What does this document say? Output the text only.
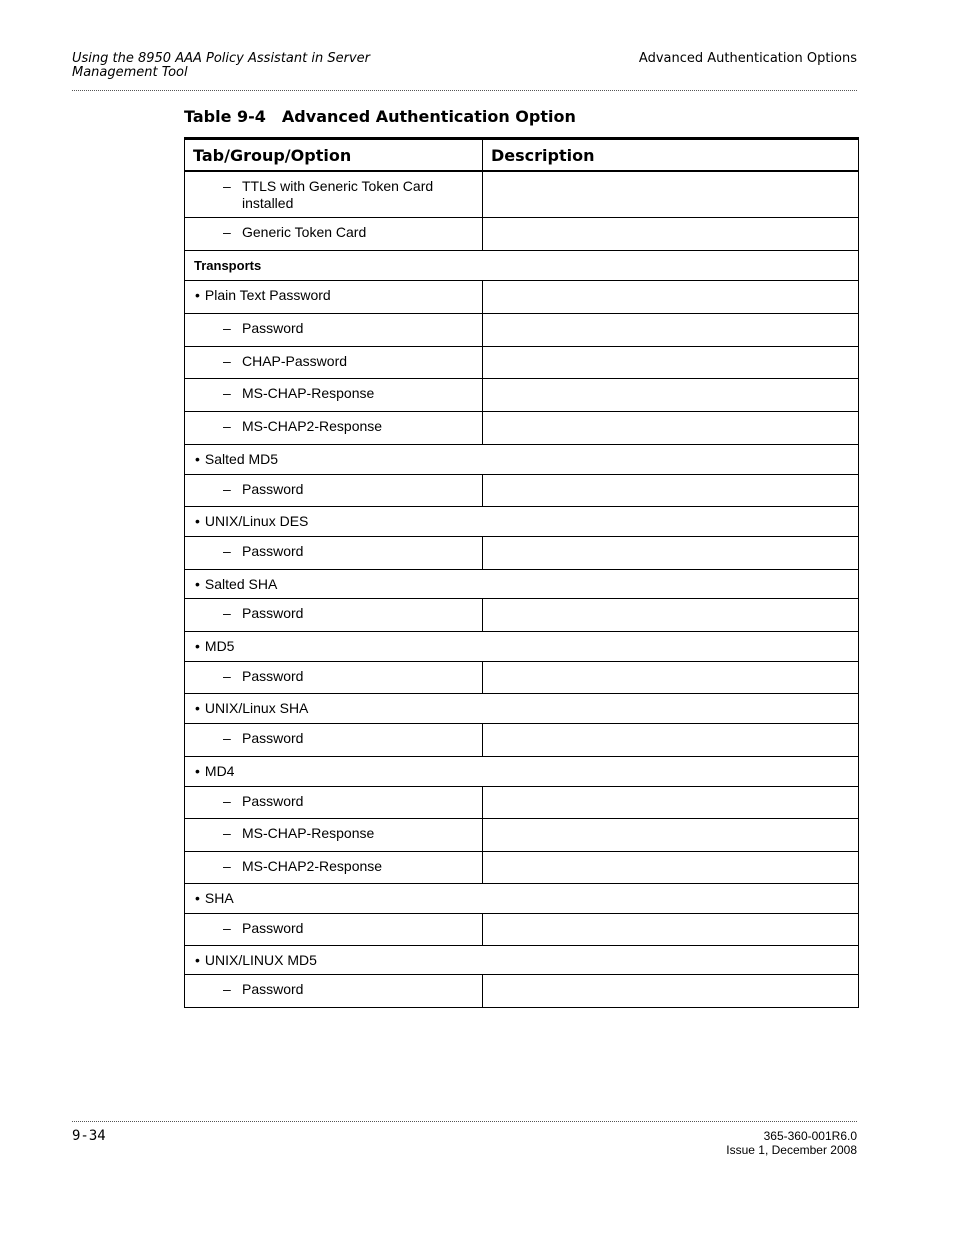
Using the 8950 AAA Policy Assistant in Server
Management Tool
Advanced Authentication Options
Table 9-4 Advanced Authentication Option
Tab/Group/Option	Description

– TTLS with Generic Token Card installed	

– Generic Token Card	

Transports	

• Plain Text Password	

– Password	

– CHAP-Password	

– MS-CHAP-Response	

– MS-CHAP2-Response	

• Salted MD5	

– Password	

• UNIX/Linux DES	

– Password	

• Salted SHA	

– Password	

• MD5	

– Password	

• UNIX/Linux SHA	

– Password	

• MD4	

– Password	

– MS-CHAP-Response	

– MS-CHAP2-Response	

• SHA	

– Password	

• UNIX/LINUX MD5	

– Password	

9-34	365-360-001R6.0
Issue 1, December 2008
